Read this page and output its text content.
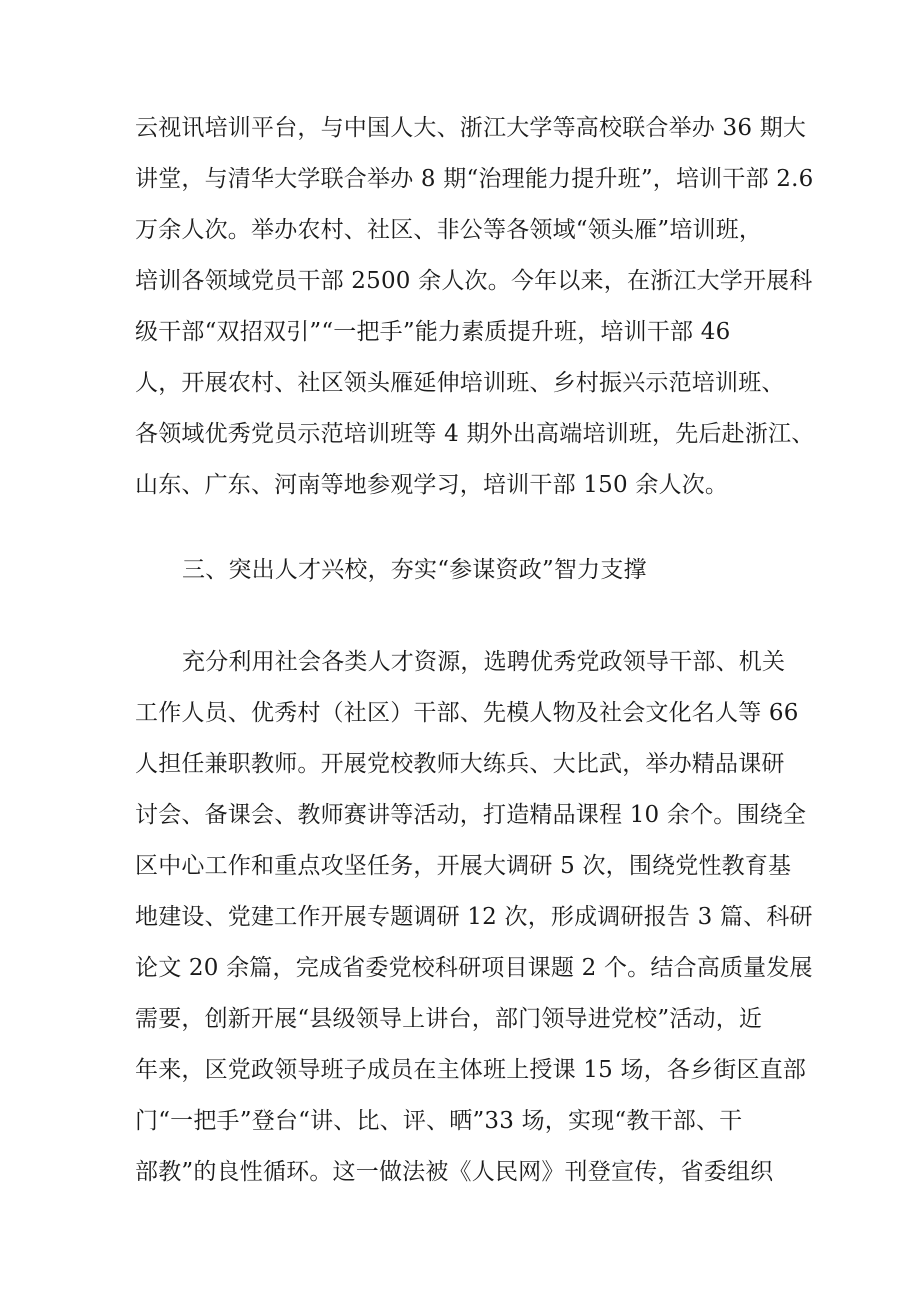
云视讯培训平台，与中国人大、浙江大学等高校联合举办 36 期大
讲堂，与清华大学联合举办 8 期“治理能力提升班”，培训干部 2.6
万余人次。举办农村、社区、非公等各领域“领头雁”培训班，
培训各领域党员干部 2500 余人次。今年以来，在浙江大学开展科
级干部“双招双引”“一把手”能力素质提升班，培训干部 46
人，开展农村、社区领头雁延伸培训班、乡村振兴示范培训班、
各领域优秀党员示范培训班等 4 期外出高端培训班，先后赴浙江、
山东、广东、河南等地参观学习，培训干部 150 余人次。
三、突出人才兴校，夯实“参谋资政”智力支撑
充分利用社会各类人才资源，选聘优秀党政领导干部、机关
工作人员、优秀村（社区）干部、先模人物及社会文化名人等 66
人担任兼职教师。开展党校教师大练兵、大比武，举办精品课研
讨会、备课会、教师赛讲等活动，打造精品课程 10 余个。围绕全
区中心工作和重点攻坚任务，开展大调研 5 次，围绕党性教育基
地建设、党建工作开展专题调研 12 次，形成调研报告 3 篇、科研
论文 20 余篇，完成省委党校科研项目课题 2 个。结合高质量发展
需要，创新开展“县级领导上讲台，部门领导进党校”活动，近
年来，区党政领导班子成员在主体班上授课 15 场，各乡街区直部
门“一把手”登台“讲、比、评、晒”33 场，实现“教干部、干
部教”的良性循环。这一做法被《人民网》刊登宣传，省委组织
